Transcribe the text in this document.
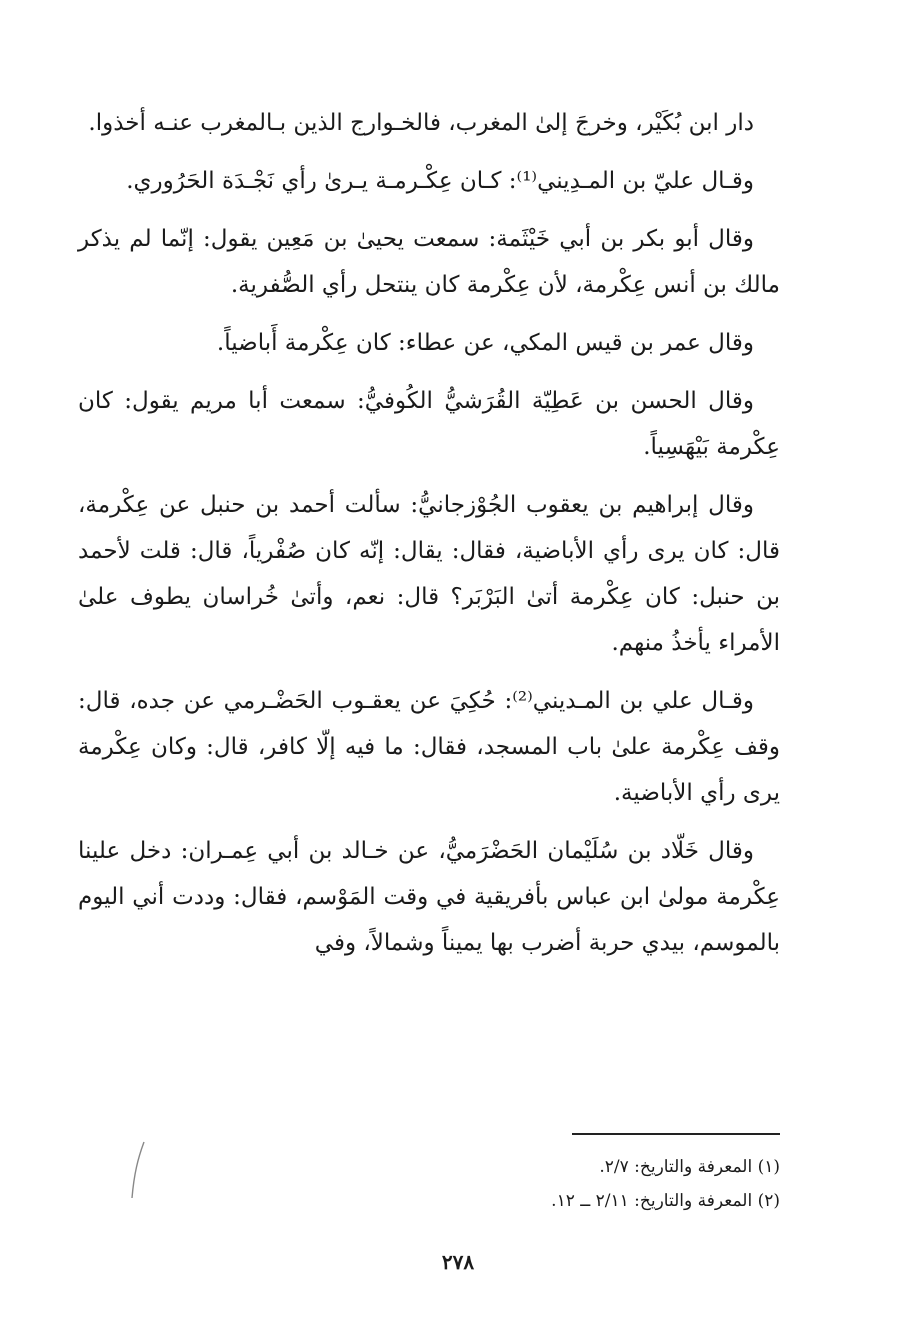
دار ابن بُكَيْر، وخرجَ إلىٰ المغرب، فالخـوارج الذين بـالمغرب عنـه أخذوا.

وقـال عليّ بن المـدِيني⁽¹⁾: كـان عِكْـرمـة يـرىٰ رأي نَجْـدَة الحَرُوري.

وقال أبو بكر بن أبي خَيْثَمة: سمعت يحيىٰ بن مَعِين يقول: إنّما لم يذكر مالك بن أنس عِكْرمة، لأن عِكْرمة كان ينتحل رأي الصُّفرية.

وقال عمر بن قيس المكي، عن عطاء: كان عِكْرمة أَباضياً.

وقال الحسن بن عَطِيّة القُرَشيُّ الكُوفيُّ: سمعت أبا مريم يقول: كان عِكْرمة بَيْهَسِياً.

وقال إبراهيم بن يعقوب الجُوْزجانيُّ: سألت أحمد بن حنبل عن عِكْرمة، قال: كان يرى رأي الأباضية، فقال: يقال: إنّه كان صُفْرياً، قال: قلت لأحمد بن حنبل: كان عِكْرمة أتىٰ البَرْبَر؟ قال: نعم، وأتىٰ خُراسان يطوف علىٰ الأمراء يأخذُ منهم.

وقـال علي بن المـديني⁽²⁾: حُكِيَ عن يعقـوب الحَضْـرمي عن جده، قال: وقف عِكْرمة علىٰ باب المسجد، فقال: ما فيه إلّا كافر، قال: وكان عِكْرمة يرى رأي الأباضية.

وقال خَلّاد بن سُلَيْمان الحَضْرَميُّ، عن خـالد بن أبي عِمـران: دخل علينا عِكْرمة مولىٰ ابن عباس بأفريقية في وقت المَوْسم، فقال: وددت أني اليوم بالموسم، بيدي حربة أضرب بها يميناً وشمالاً، وفي

(١) المعرفة والتاريخ: ٢/٧.

(٢) المعرفة والتاريخ: ٢/١١ ــ ١٢.

٢٧٨
